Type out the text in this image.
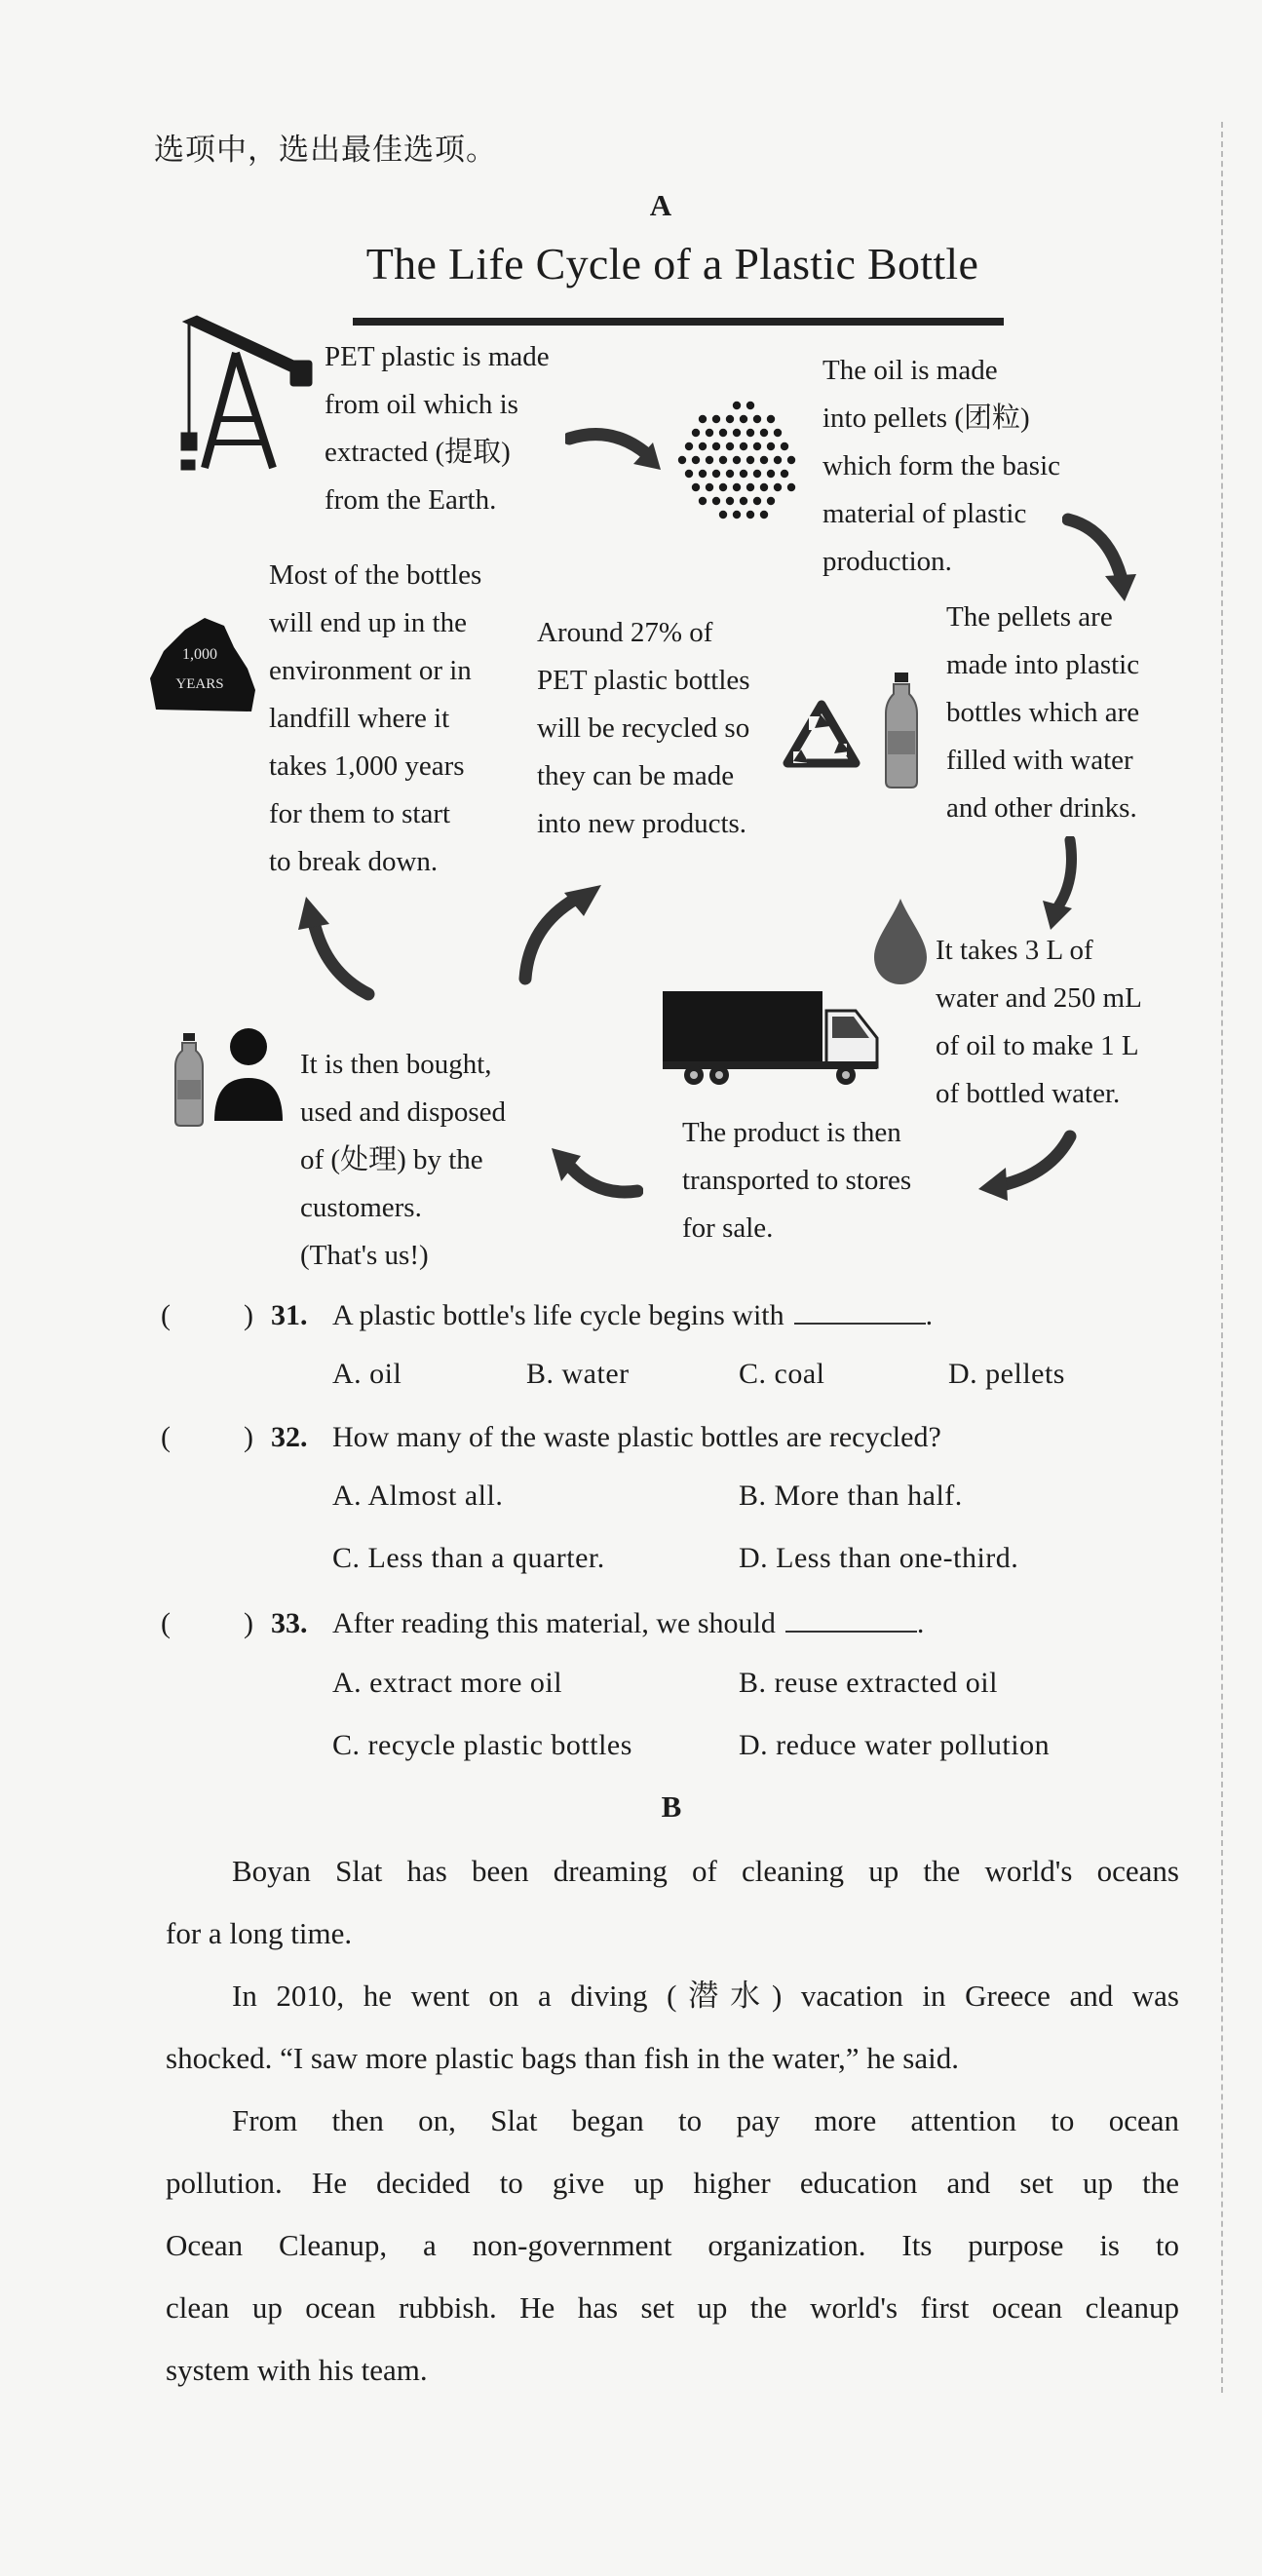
选项中，选出最佳选项。
A
The Life Cycle of a Plastic Bottle
1,000
YEARS
PET plastic is made
from oil which is
extracted (提取)
from the Earth.
The oil is made
into pellets (团粒)
which form the basic
material of plastic
production.
The pellets are
made into plastic
bottles which are
filled with water
and other drinks.
It takes 3 L of
water and 250 mL
of oil to make 1 L
of bottled water.
The product is then
transported to stores
for sale.
It is then bought,
used and disposed
of (处理) by the
customers.
(That's us!)
Most of the bottles
will end up in the
environment or in
landfill where it
takes 1,000 years
for them to start
to break down.
Around 27% of
PET plastic bottles
will be recycled so
they can be made
into new products.
(	) 31. A plastic bottle's life cycle begins with	.
A. oil	B. water	C. coal	D. pellets
(	) 32. How many of the waste plastic bottles are recycled?
A. Almost all.	B. More than half.
C. Less than a quarter.	D. Less than one-third.
(	) 33. After reading this material, we should	.
A. extract more oil	B. reuse extracted oil
C. recycle plastic bottles	D. reduce water pollution
B

Boyan Slat has been dreaming of cleaning up the world's oceans

for a long time.

In 2010, he went on a diving (潜水) vacation in Greece and was

shocked. “I saw more plastic bags than fish in the water,” he said.

From then on, Slat began to pay more attention to ocean

pollution. He decided to give up higher education and set up the
Ocean Cleanup, a non-government organization. Its purpose is to
clean up ocean rubbish. He has set up the world's first ocean cleanup
system with his team.
